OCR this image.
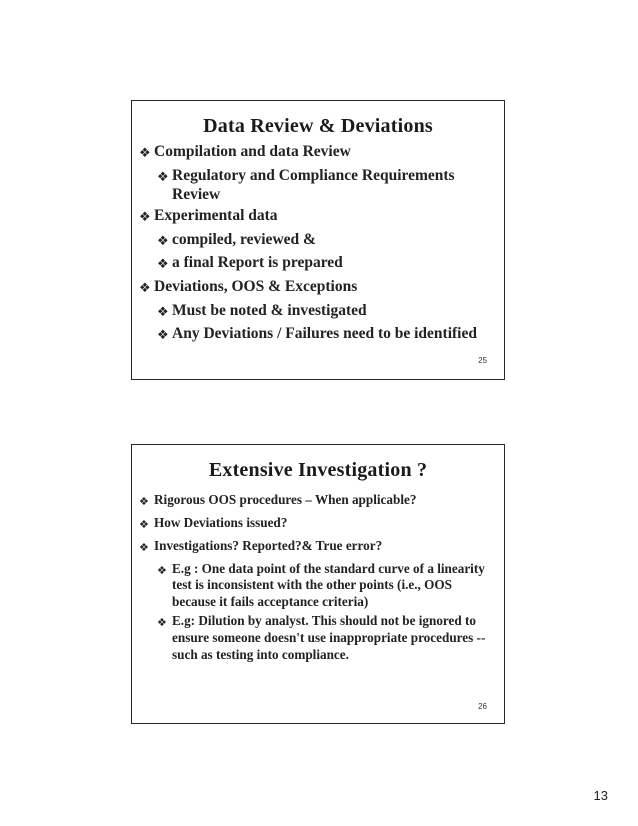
Data Review & Deviations
❖ Compilation and data Review
❖ Regulatory and Compliance Requirements Review
❖ Experimental data
❖ compiled, reviewed &
❖ a final Report is prepared
❖ Deviations, OOS & Exceptions
❖ Must be noted & investigated
❖ Any Deviations / Failures need to be identified
25
Extensive Investigation ?
❖ Rigorous OOS procedures – When applicable?
❖ How Deviations issued?
❖ Investigations? Reported?& True error?
❖ E.g : One data point of the standard curve of a linearity test is inconsistent with the other points (i.e., OOS because it fails acceptance criteria)
❖ E.g: Dilution by analyst. This should not be ignored to ensure someone doesn't use inappropriate procedures -- such as testing into compliance.
26
13
